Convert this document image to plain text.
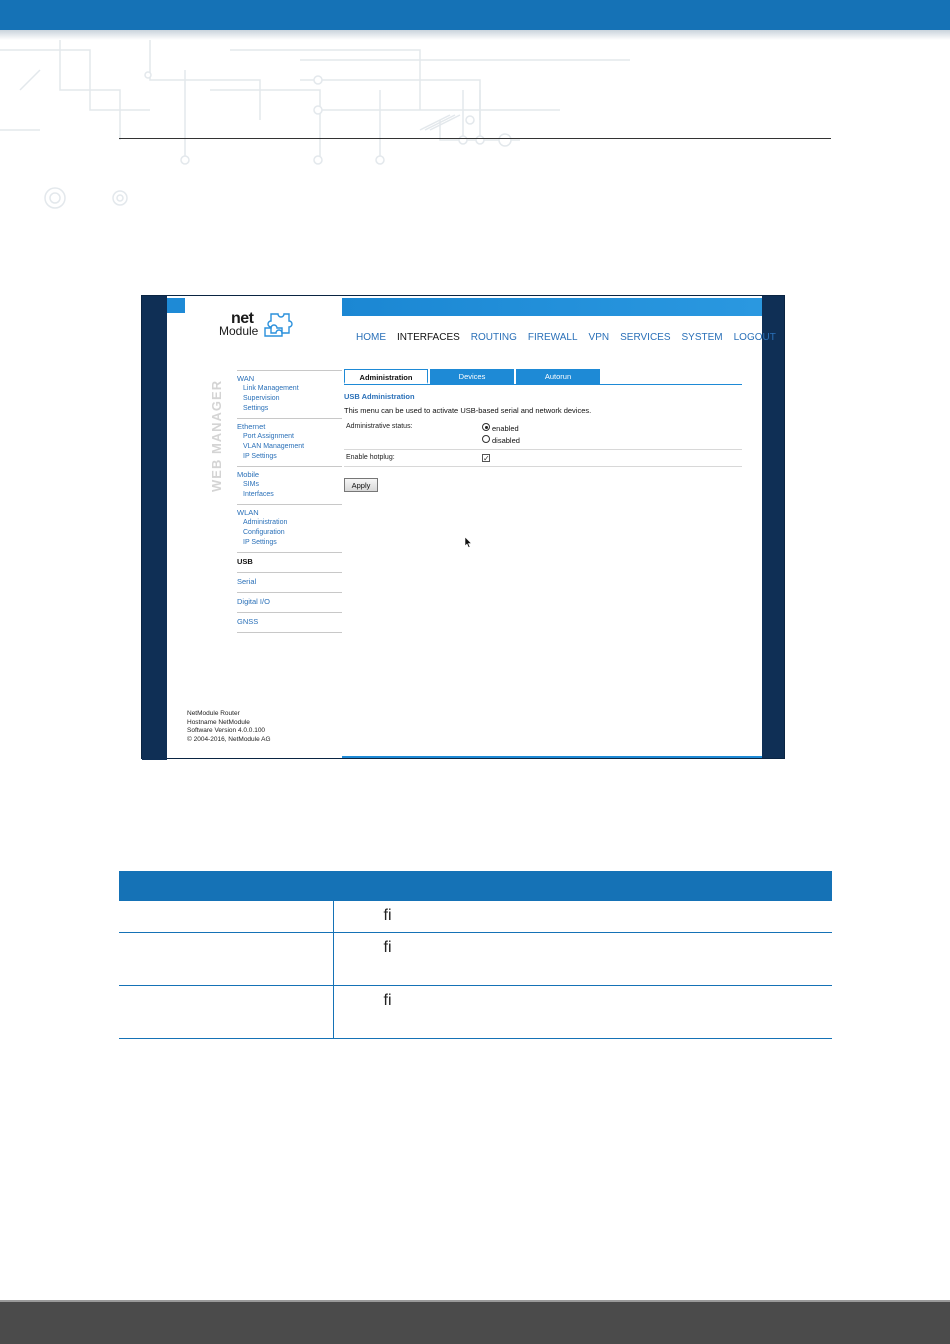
net
Module
WEB MANAGER
WAN
Link Management
Supervision
Settings
Ethernet
Port Assignment
VLAN Management
IP Settings
Mobile
SIMs
Interfaces
WLAN
Administration
Configuration
IP Settings
USB
Serial
Digital I/O
GNSS
NetModule Router
Hostname NetModule
Software Version 4.0.0.100
© 2004-2016, NetModule AG
HOME INTERFACES ROUTING FIREWALL VPN SERVICES SYSTEM LOGOUT
Administration	Devices	Autorun
USB Administration
This menu can be used to activate USB-based serial and network devices.
Administrative status:	enabled
disabled
Enable hotplug:	✓
Apply

	fi
	fi
	fi
